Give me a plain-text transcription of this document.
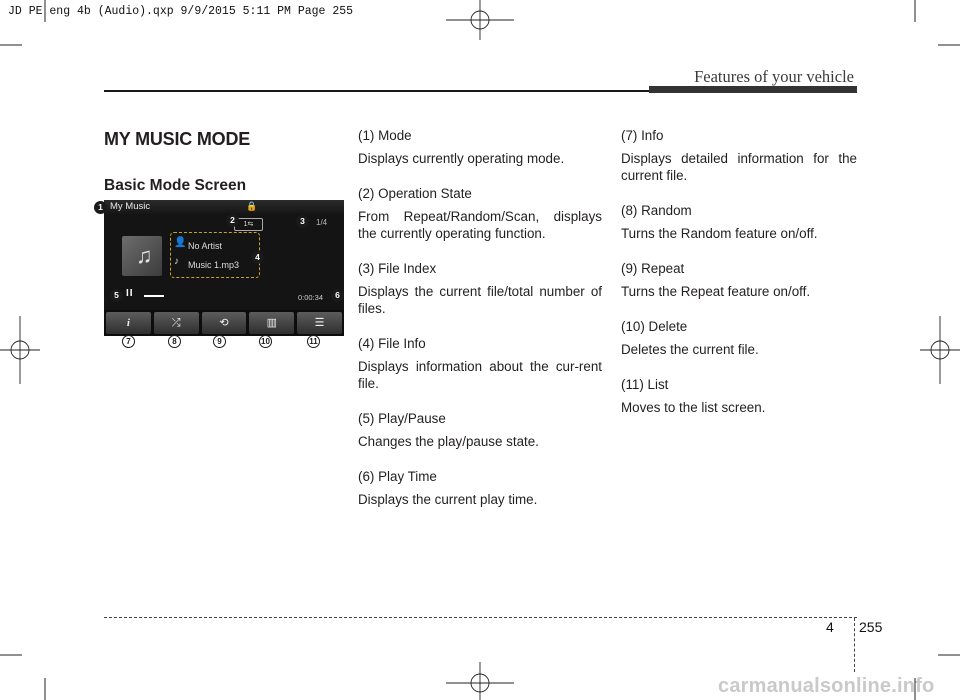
JD PE eng 4b (Audio).qxp 9/9/2015 5:11 PM Page 255
Features of your vehicle
MY MUSIC MODE
Basic Mode Screen
My Music	🔒
1⇆	1/4
♫
👤 No Artist
♪ Music 1.mp3
II	0:00:34
i	⤮	⟲	▥	☰
1
2	3
4
5	6
7	8	9	10	11
(1) Mode
Displays currently operating mode.
(2) Operation State
From Repeat/Random/Scan, displays the currently operating function.
(3) File Index
Displays the current file/total number of files.
(4) File Info
Displays information about the cur-rent file.
(5) Play/Pause
Changes the play/pause state.
(6) Play Time
Displays the current play time.
(7) Info
Displays detailed information for the current file.
(8) Random
Turns the Random feature on/off.
(9) Repeat
Turns the Repeat feature on/off.
(10) Delete
Deletes the current file.
(11) List
Moves to the list screen.
4 255
carmanualsonline.info
